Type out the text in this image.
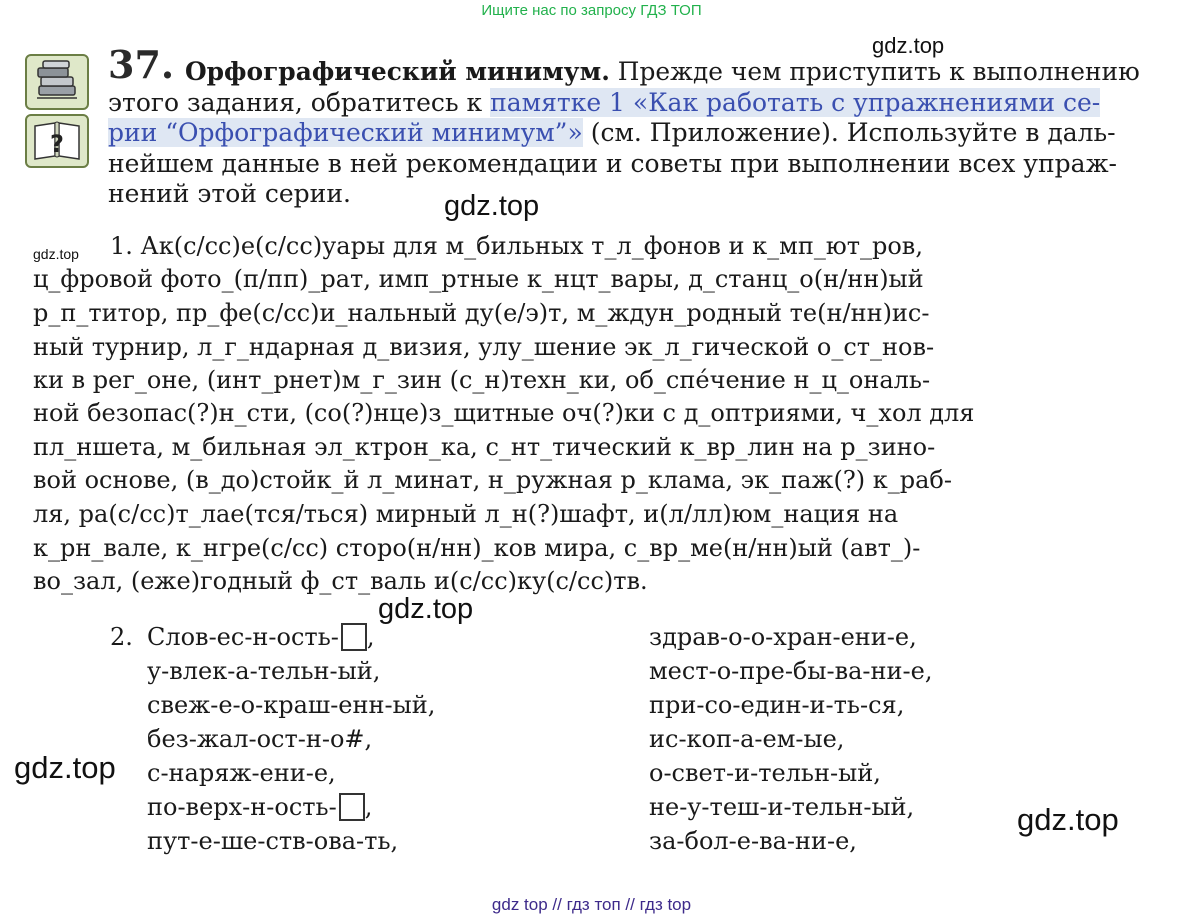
Ищите нас по запросу ГДЗ ТОП
gdz.top
gdz.top
gdz.top
gdz.top
gdz.top
gdz.top
?
37. Орфографический минимум. Прежде чем приступить к выполнению
этого задания, обратитесь к памятке 1 «Как работать с упражнениями се-
рии “Орфографический минимум”» (см. Приложение). Используйте в даль-
нейшем данные в ней рекомендации и советы при выполнении всех упраж-
нений этой серии.
1. Ак(с/сс)е(с/сс)уары для м_бильных т_л_фонов и к_мп_ют_ров,
ц_фровой фото_(п/пп)_рат, имп_ртные к_нцт_вары, д_станц_о(н/нн)ый
р_п_титор, пр_фе(с/сс)и_нальный ду(е/э)т, м_ждун_родный те(н/нн)ис-
ный турнир, л_г_ндарная д_визия, улу_шение эк_л_гической о_ст_нов-
ки в рег_оне, (инт_рнет)м_г_зин (с_н)техн_ки, об_спе́чение н_ц_ональ-
ной безопас(?)н_сти, (со(?)нце)з_щитные оч(?)ки с д_оптриями, ч_хол для
пл_ншета, м_бильная эл_ктрон_ка, с_нт_тический к_вр_лин на р_зино-
вой основе, (в_до)стойк_й л_минат, н_ружная р_клама, эк_паж(?) к_раб-
ля, ра(с/сс)т_лае(тся/ться) мирный л_н(?)шафт, и(л/лл)юм_нация на
к_рн_вале, к_нгре(с/сс) сторо(н/нн)_ков мира, с_вр_ме(н/нн)ый (авт_)-
во_зал, (еже)годный ф_ст_валь и(с/сс)ку(с/сс)тв.
2. Слов-ес-н-ость- ,
у-влек-а-тельн-ый,
свеж-е-о-краш-енн-ый,
без-жал-ост-н-о#,
с-наряж-ени-е,
по-верх-н-ость- ,
пут-е-ше-ств-ова-ть,
здрав-о-о-хран-ени-е,
мест-о-пре-бы-ва-ни-е,
при-со-един-и-ть-ся,
ис-коп-а-ем-ые,
о-свет-и-тельн-ый,
не-у-теш-и-тельн-ый,
за-бол-е-ва-ни-е,
gdz top // гдз топ // гдз top
